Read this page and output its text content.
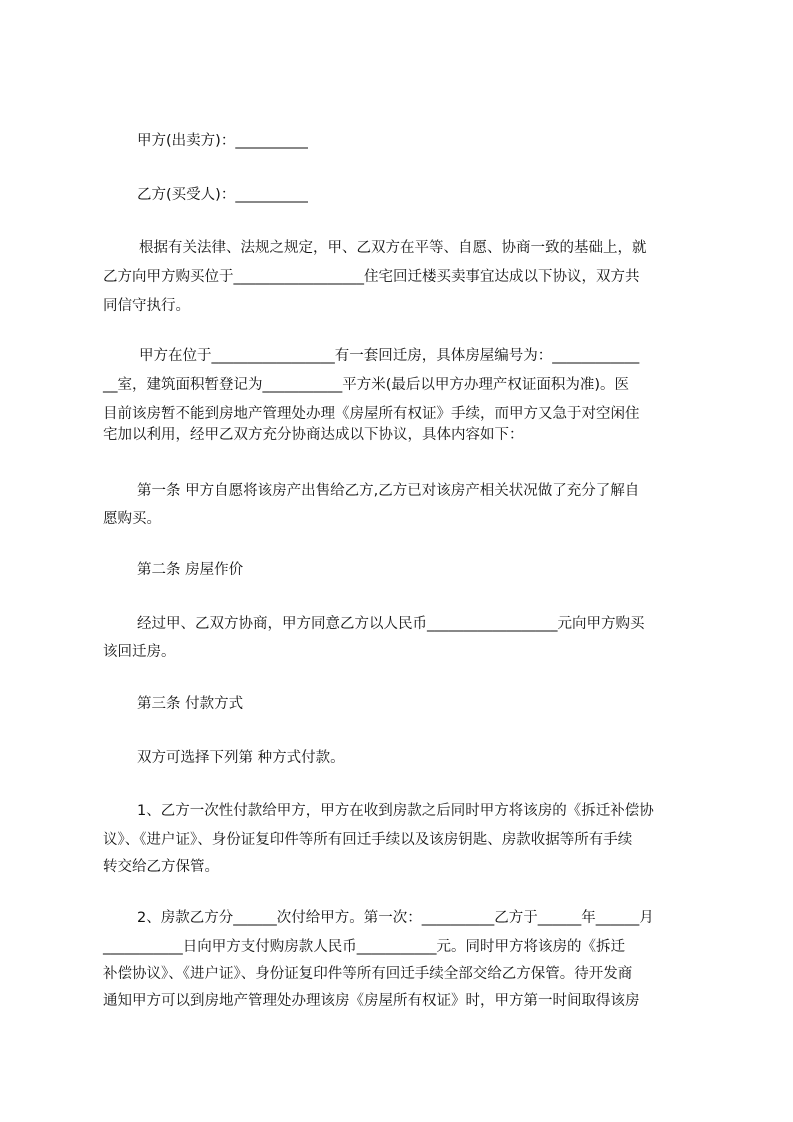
甲方(出卖方)：__________
乙方(买受人)：__________
根据有关法律、法规之规定，甲、乙双方在平等、自愿、协商一致的基础上，就
乙方向甲方购买位于__________________住宅回迁楼买卖事宜达成以下协议，双方共
同信守执行。
甲方在位于_________________有一套回迁房，具体房屋编号为：____________
__室，建筑面积暂登记为___________平方米(最后以甲方办理产权证面积为准)。医
目前该房暂不能到房地产管理处办理《房屋所有权证》手续，而甲方又急于对空闲住
宅加以利用，经甲乙双方充分协商达成以下协议，具体内容如下：
第一条 甲方自愿将该房产出售给乙方,乙方已对该房产相关状况做了充分了解自
愿购买。
第二条 房屋作价
经过甲、乙双方协商，甲方同意乙方以人民币__________________元向甲方购买
该回迁房。
第三条 付款方式
双方可选择下列第 种方式付款。
1、乙方一次性付款给甲方，甲方在收到房款之后同时甲方将该房的《拆迁补偿协
议》、《进户证》、身份证复印件等所有回迁手续以及该房钥匙、房款收据等所有手续
转交给乙方保管。
2、房款乙方分______次付给甲方。第一次：__________乙方于______年______月
___________日向甲方支付购房款人民币___________元。同时甲方将该房的《拆迁
补偿协议》、《进户证》、身份证复印件等所有回迁手续全部交给乙方保管。待开发商
通知甲方可以到房地产管理处办理该房《房屋所有权证》时，甲方第一时间取得该房
